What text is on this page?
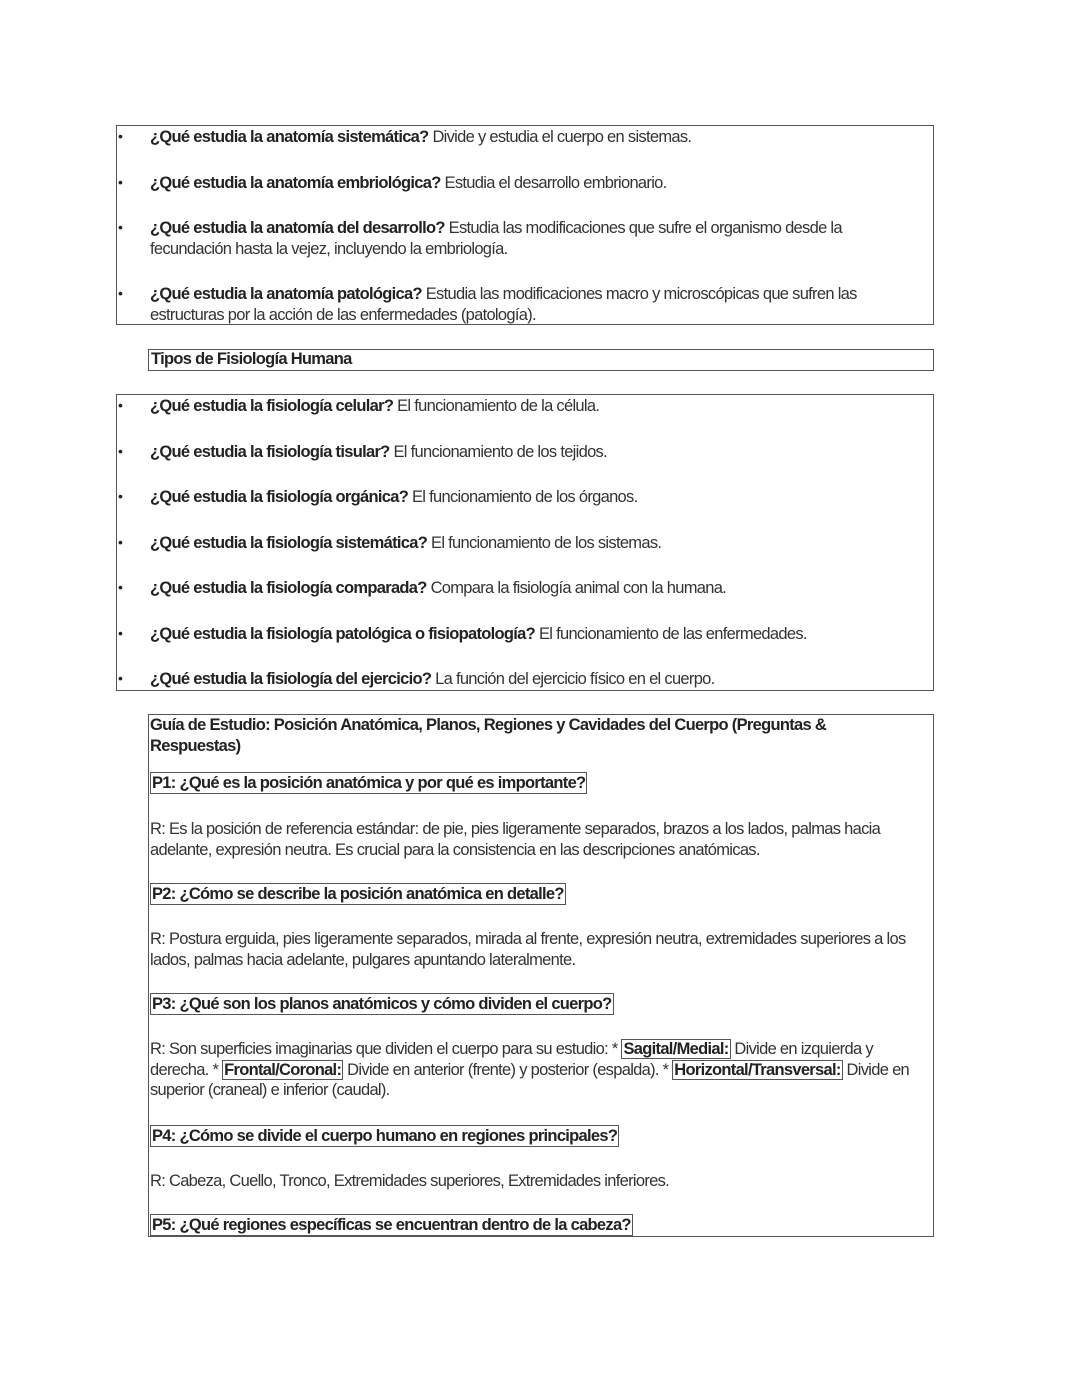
• ¿Qué estudia la anatomía sistemática? Divide y estudia el cuerpo en sistemas.
• ¿Qué estudia la anatomía embriológica? Estudia el desarrollo embrionario.
• ¿Qué estudia la anatomía del desarrollo? Estudia las modificaciones que sufre el organismo desde la fecundación hasta la vejez, incluyendo la embriología.
• ¿Qué estudia la anatomía patológica? Estudia las modificaciones macro y microscópicas que sufren las estructuras por la acción de las enfermedades (patología).
Tipos de Fisiología Humana
• ¿Qué estudia la fisiología celular? El funcionamiento de la célula.
• ¿Qué estudia la fisiología tisular? El funcionamiento de los tejidos.
• ¿Qué estudia la fisiología orgánica? El funcionamiento de los órganos.
• ¿Qué estudia la fisiología sistemática? El funcionamiento de los sistemas.
• ¿Qué estudia la fisiología comparada? Compara la fisiología animal con la humana.
• ¿Qué estudia la fisiología patológica o fisiopatología? El funcionamiento de las enfermedades.
• ¿Qué estudia la fisiología del ejercicio? La función del ejercicio físico en el cuerpo.
Guía de Estudio: Posición Anatómica, Planos, Regiones y Cavidades del Cuerpo (Preguntas & Respuestas)
P1: ¿Qué es la posición anatómica y por qué es importante?
R: Es la posición de referencia estándar: de pie, pies ligeramente separados, brazos a los lados, palmas hacia adelante, expresión neutra. Es crucial para la consistencia en las descripciones anatómicas.
P2: ¿Cómo se describe la posición anatómica en detalle?
R: Postura erguida, pies ligeramente separados, mirada al frente, expresión neutra, extremidades superiores a los lados, palmas hacia adelante, pulgares apuntando lateralmente.
P3: ¿Qué son los planos anatómicos y cómo dividen el cuerpo?
R: Son superficies imaginarias que dividen el cuerpo para su estudio: * Sagital/Medial: Divide en izquierda y derecha. * Frontal/Coronal: Divide en anterior (frente) y posterior (espalda). * Horizontal/Transversal: Divide en superior (craneal) e inferior (caudal).
P4: ¿Cómo se divide el cuerpo humano en regiones principales?
R: Cabeza, Cuello, Tronco, Extremidades superiores, Extremidades inferiores.
P5: ¿Qué regiones específicas se encuentran dentro de la cabeza?
